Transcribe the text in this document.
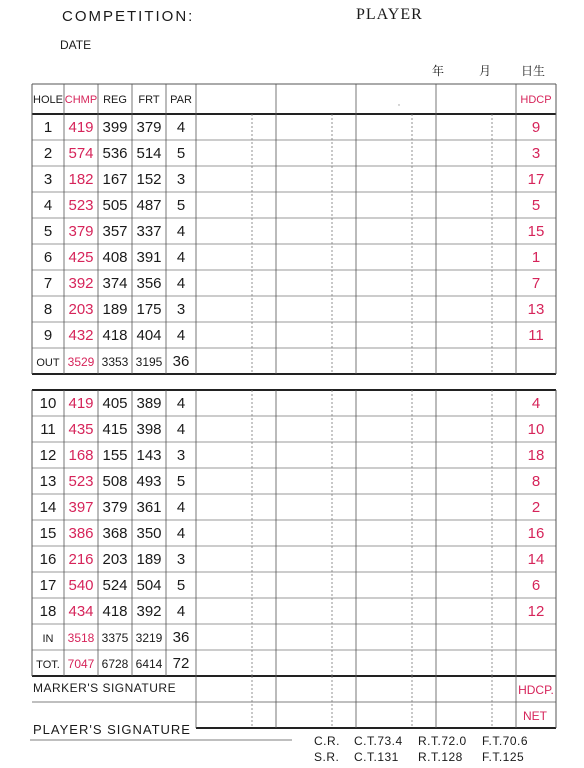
COMPETITION:	PLAYER
DATE
年	月 日生
HOLE CHMP REG FRT PAR	HDCP
1 419 399 379 4	9
2 574 536 514 5	3
3 182 167 152 3	17
4 523 505 487 5	5
5 379 357 337 4	15
6 425 408 391 4	1
7 392 374 356 4	7
8 203 189 175 3	13
9 432 418 404 4	11
OUT 3529 3353 3195 36
10 419 405 389 4	4
11 435 415 398 4	10
12 168 155 143 3	18
13 523 508 493 5	8
14 397 379 361 4	2
15 386 368 350 4	16
16 216 203 189 3	14
17 540 524 504 5	6
18 434 418 392 4	12
IN 3518 3375 3219 36
TOT. 7047 6728 6414 72
HDCP.
NET
MARKER'S SIGNATURE
PLAYER'S SIGNATURE
C.R. C.T.73.4 R.T.72.0 F.T.70.6
S.R. C.T.131 R.T.128 F.T.125
